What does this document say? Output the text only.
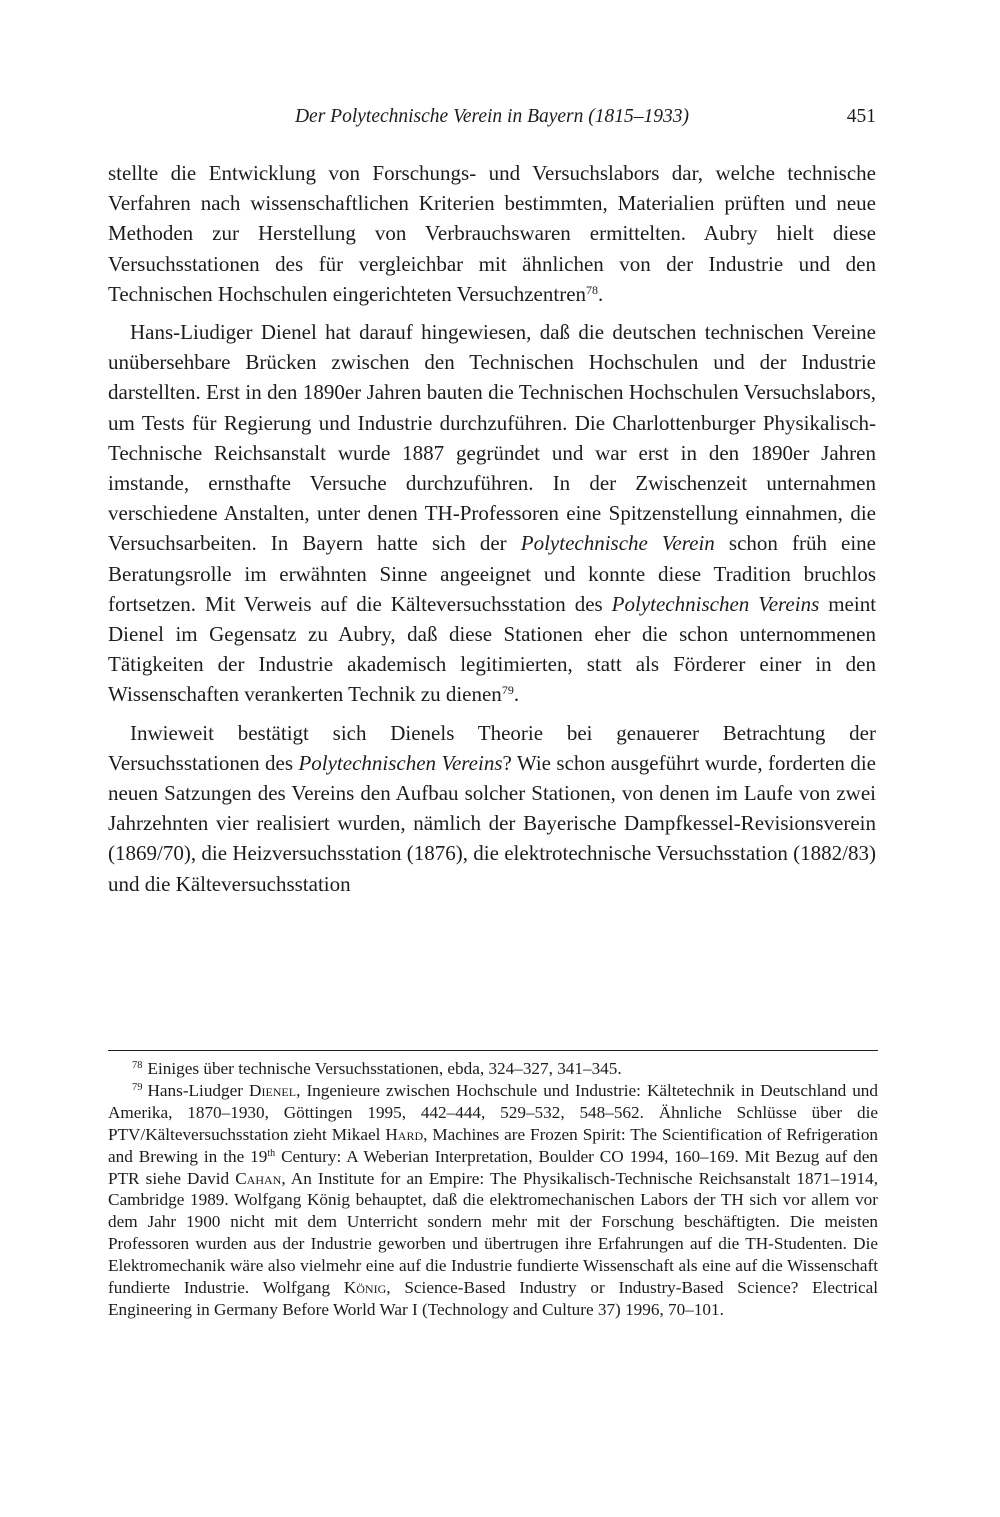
Der Polytechnische Verein in Bayern (1815–1933)	451

stellte die Entwicklung von Forschungs- und Versuchslabors dar, welche technische Verfahren nach wissenschaftlichen Kriterien bestimmten, Materialien prüften und neue Methoden zur Herstellung von Verbrauchswaren ermittelten. Aubry hielt diese Versuchsstationen des für vergleichbar mit ähnlichen von der Industrie und den Technischen Hochschulen eingerichteten Versuchzentren$^{78}$.

Hans-Liudiger Dienel hat darauf hingewiesen, daß die deutschen technischen Vereine unübersehbare Brücken zwischen den Technischen Hochschulen und der Industrie darstellten. Erst in den 1890er Jahren bauten die Technischen Hochschulen Versuchslabors, um Tests für Regierung und Industrie durchzuführen. Die Charlottenburger Physikalisch-Technische Reichsanstalt wurde 1887 gegründet und war erst in den 1890er Jahren imstande, ernsthafte Versuche durchzuführen. In der Zwischenzeit unternahmen verschiedene Anstalten, unter denen TH-Professoren eine Spitzenstellung einnahmen, die Versuchsarbeiten. In Bayern hatte sich der Polytechnische Verein schon früh eine Beratungsrolle im erwähnten Sinne angeeignet und konnte diese Tradition bruchlos fortsetzen. Mit Verweis auf die Kälteversuchsstation des Polytechnischen Vereins meint Dienel im Gegensatz zu Aubry, daß diese Stationen eher die schon unternommenen Tätigkeiten der Industrie akademisch legitimierten, statt als Förderer einer in den Wissenschaften verankerten Technik zu dienen$^{79}$.

Inwieweit bestätigt sich Dienels Theorie bei genauerer Betrachtung der Versuchsstationen des Polytechnischen Vereins? Wie schon ausgeführt wurde, forderten die neuen Satzungen des Vereins den Aufbau solcher Stationen, von denen im Laufe von zwei Jahrzehnten vier realisiert wurden, nämlich der Bayerische Dampfkessel-Revisionsverein (1869/70), die Heizversuchsstation (1876), die elektrotechnische Versuchsstation (1882/83) und die Kälteversuchsstation

$^{78}$ Einiges über technische Versuchsstationen, ebda, 324–327, 341–345.

$^{79}$ Hans-Liudger Dienel, Ingenieure zwischen Hochschule und Industrie: Kältetechnik in Deutschland und Amerika, 1870–1930, Göttingen 1995, 442–444, 529–532, 548–562. Ähnliche Schlüsse über die PTV/Kälteversuchsstation zieht Mikael Hard, Machines are Frozen Spirit: The Scientification of Refrigeration and Brewing in the 19th Century: A Weberian Interpretation, Boulder CO 1994, 160–169. Mit Bezug auf den PTR siehe David Cahan, An Institute for an Empire: The Physikalisch-Technische Reichsanstalt 1871–1914, Cambridge 1989. Wolfgang König behauptet, daß die elektromechanischen Labors der TH sich vor allem vor dem Jahr 1900 nicht mit dem Unterricht sondern mehr mit der Forschung beschäftigten. Die meisten Professoren wurden aus der Industrie geworben und übertrugen ihre Erfahrungen auf die TH-Studenten. Die Elektromechanik wäre also vielmehr eine auf die Industrie fundierte Wissenschaft als eine auf die Wissenschaft fundierte Industrie. Wolfgang König, Science-Based Industry or Industry-Based Science? Electrical Engineering in Germany Before World War I (Technology and Culture 37) 1996, 70–101.
